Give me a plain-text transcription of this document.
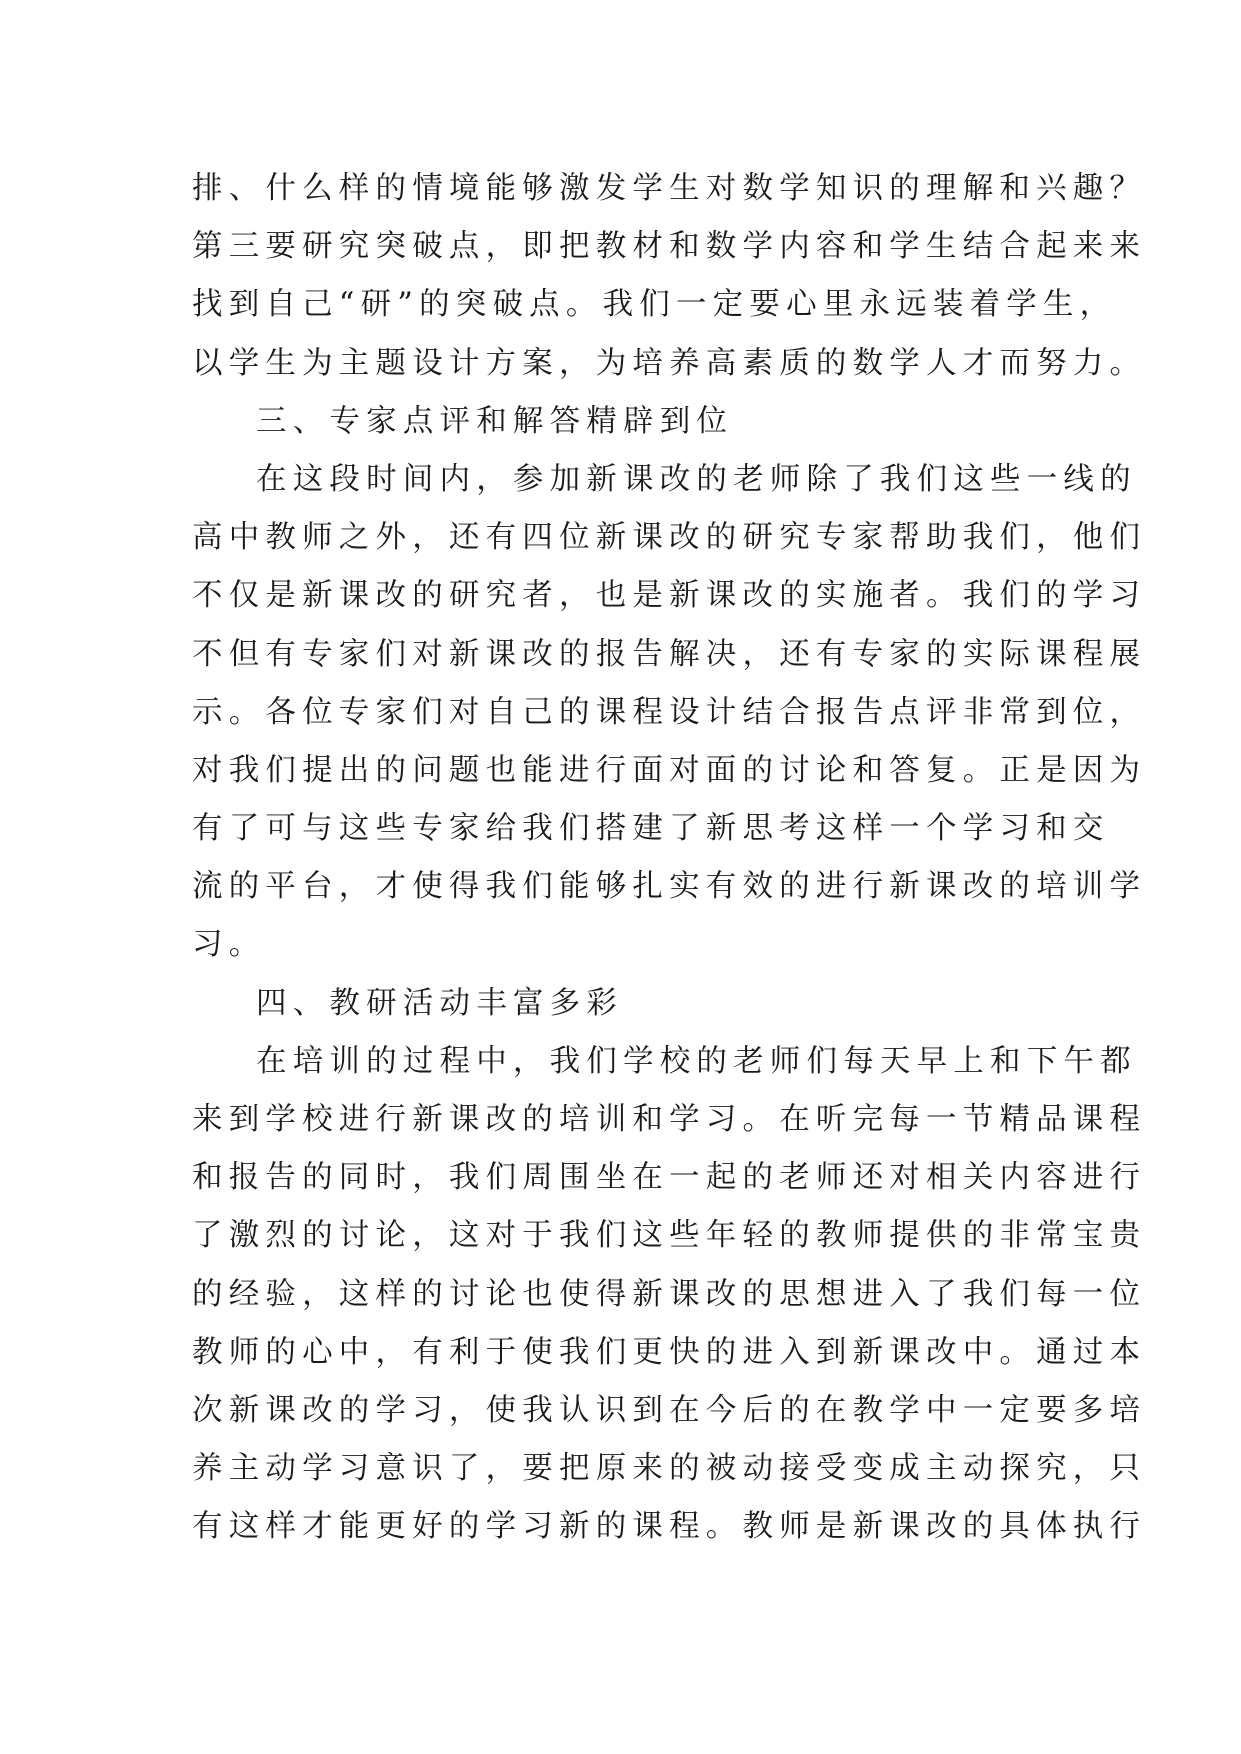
排、什么样的情境能够激发学生对数学知识的理解和兴趣？
第三要研究突破点，即把教材和数学内容和学生结合起来来
找到自己“研”的突破点。我们一定要心里永远装着学生，
以学生为主题设计方案，为培养高素质的数学人才而努力。
三、专家点评和解答精辟到位
在这段时间内，参加新课改的老师除了我们这些一线的
高中教师之外，还有四位新课改的研究专家帮助我们，他们
不仅是新课改的研究者，也是新课改的实施者。我们的学习
不但有专家们对新课改的报告解决，还有专家的实际课程展
示。各位专家们对自己的课程设计结合报告点评非常到位，
对我们提出的问题也能进行面对面的讨论和答复。正是因为
有了可与这些专家给我们搭建了新思考这样一个学习和交
流的平台，才使得我们能够扎实有效的进行新课改的培训学
习。
四、教研活动丰富多彩
在培训的过程中，我们学校的老师们每天早上和下午都
来到学校进行新课改的培训和学习。在听完每一节精品课程
和报告的同时，我们周围坐在一起的老师还对相关内容进行
了激烈的讨论，这对于我们这些年轻的教师提供的非常宝贵
的经验，这样的讨论也使得新课改的思想进入了我们每一位
教师的心中，有利于使我们更快的进入到新课改中。通过本
次新课改的学习，使我认识到在今后的在教学中一定要多培
养主动学习意识了，要把原来的被动接受变成主动探究，只
有这样才能更好的学习新的课程。教师是新课改的具体执行
